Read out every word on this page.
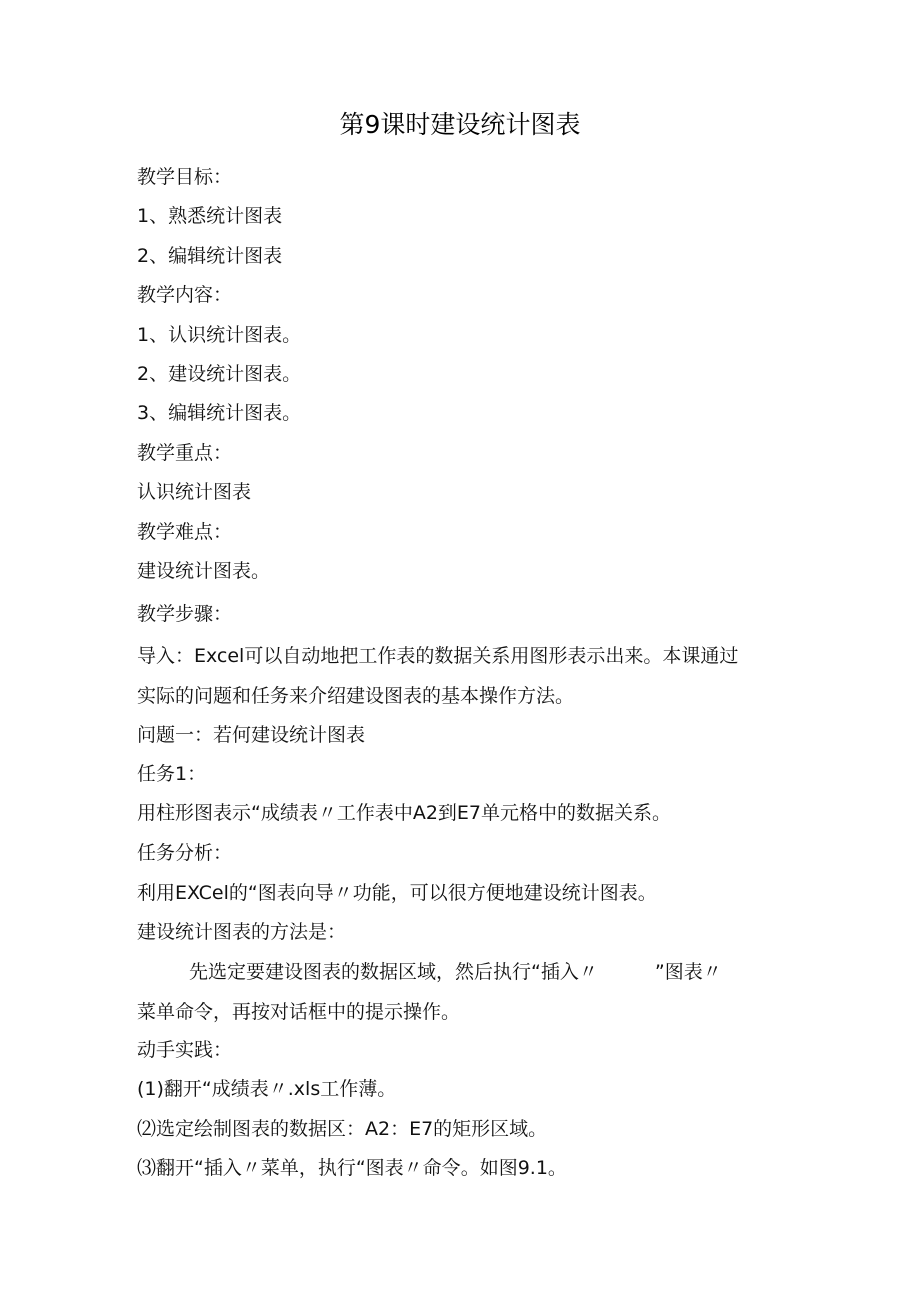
第9课时建设统计图表
教学目标：
1、熟悉统计图表
2、编辑统计图表
教学内容：
1、认识统计图表。
2、建设统计图表。
3、编辑统计图表。
教学重点：
认识统计图表
教学难点：
建设统计图表。
教学步骤：
导入：Excel可以自动地把工作表的数据关系用图形表示出来。本课通过
实际的问题和任务来介绍建设图表的基本操作方法。
问题一：若何建设统计图表
任务1：
用柱形图表示“成绩表〃工作表中A2到E7单元格中的数据关系。
任务分析：
利用EXCel的“图表向导〃功能，可以很方便地建设统计图表。
建设统计图表的方法是：
先选定要建设图表的数据区域，然后执行“插入〃　　　”图表〃
菜单命令，再按对话框中的提示操作。
动手实践：
(1)翻开“成绩表〃.xls工作薄。
⑵选定绘制图表的数据区：A2：E7的矩形区域。
⑶翻开“插入〃菜单，执行“图表〃命令。如图9.1。
